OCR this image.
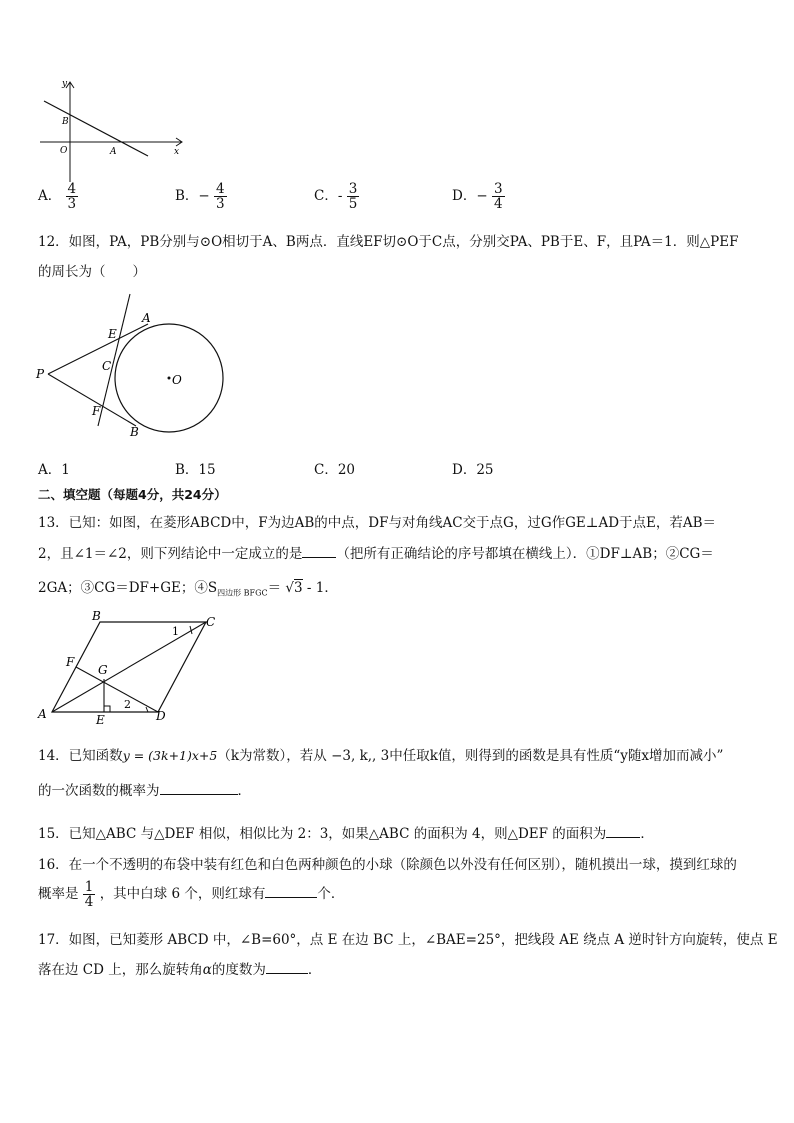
y
x
B
O	A
A． $\frac{4}{3}$	B．− $\frac{4}{3}$	C．- $\frac{3}{5}$	D．− $\frac{3}{4}$
12．如图，PA，PB分别与⊙O相切于A、B两点．直线EF切⊙O于C点，分别交PA、PB于E、F，且PA＝1．则△PEF
的周长为（　　）
P
E
A
C
O
F
B
A．1	B．15	C．20	D．25
二、填空题（每题4分，共24分）
13．已知：如图，在菱形ABCD中，F为边AB的中点，DF与对角线AC交于点G，过G作GE⊥AD于点E，若AB＝
2，且∠1＝∠2，则下列结论中一定成立的是	（把所有正确结论的序号都填在横线上）．①DF⊥AB；②CG＝
2GA；③CG＝DF+GE；$④S_{四边形 BFGC}= √3 - 1$．
B	C
F
G
A	E	D
1
2
14．已知函数y = (3k+1)x+5（k为常数），若从 −3, k,, 3中任取k值，则得到的函数是具有性质“y随x增加而减小”
的一次函数的概率为	．
15．已知△ABC 与△DEF 相似，相似比为 2：3，如果△ABC 的面积为 4，则△DEF 的面积为	．
16．在一个不透明的布袋中装有红色和白色两种颜色的小球（除颜色以外没有任何区别），随机摸出一球，摸到红球的
概率是 $\frac{1}{4}$ ，其中白球 6 个，则红球有	个．
17．如图，已知菱形 ABCD 中，∠B=60°，点 E 在边 BC 上，∠BAE=25°，把线段 AE 绕点 A 逆时针方向旋转，使点 E
落在边 CD 上，那么旋转角α的度数为	．
